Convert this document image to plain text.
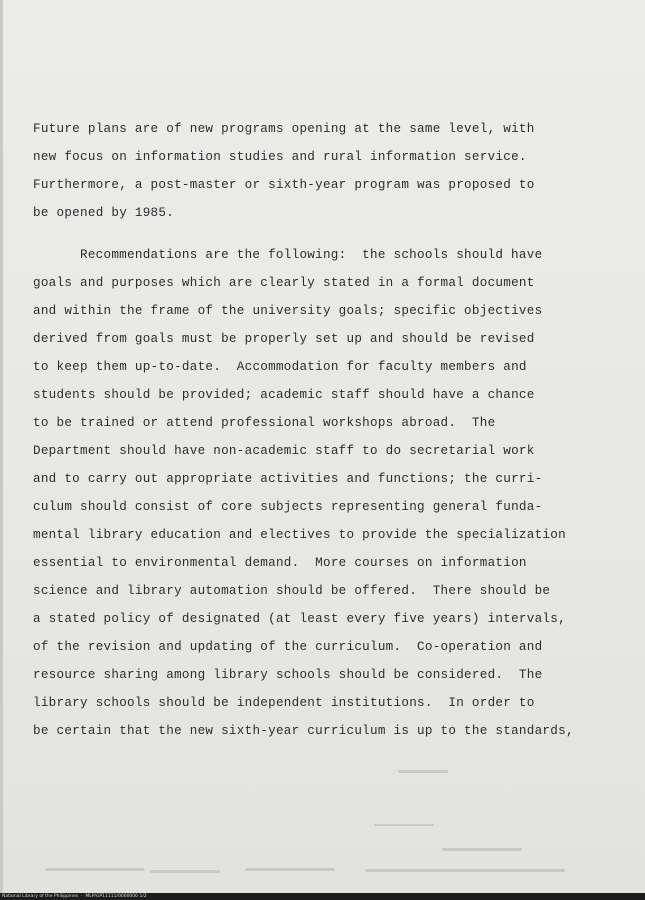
Future plans are of new programs opening at the same level, with
new focus on information studies and rural information service.
Furthermore, a post-master or sixth-year program was proposed to
be opened by 1985.
Recommendations are the following:  the schools should have
goals and purposes which are clearly stated in a formal document
and within the frame of the university goals; specific objectives
derived from goals must be properly set up and should be revised
to keep them up-to-date.  Accommodation for faculty members and
students should be provided; academic staff should have a chance
to be trained or attend professional workshops abroad.  The
Department should have non-academic staff to do secretarial work
and to carry out appropriate activities and functions; the curri-
culum should consist of core subjects representing general funda-
mental library education and electives to provide the specialization
essential to environmental demand.  More courses on information
science and library automation should be offered.  There should be
a stated policy of designated (at least every five years) intervals,
of the revision and updating of the curriculum.  Co-operation and
resource sharing among library schools should be considered.  The
library schools should be independent institutions.  In order to
be certain that the new sixth-year curriculum is up to the standards,
National Library of the Philippines  ·  MLP/GP11111/0000000 1/2
